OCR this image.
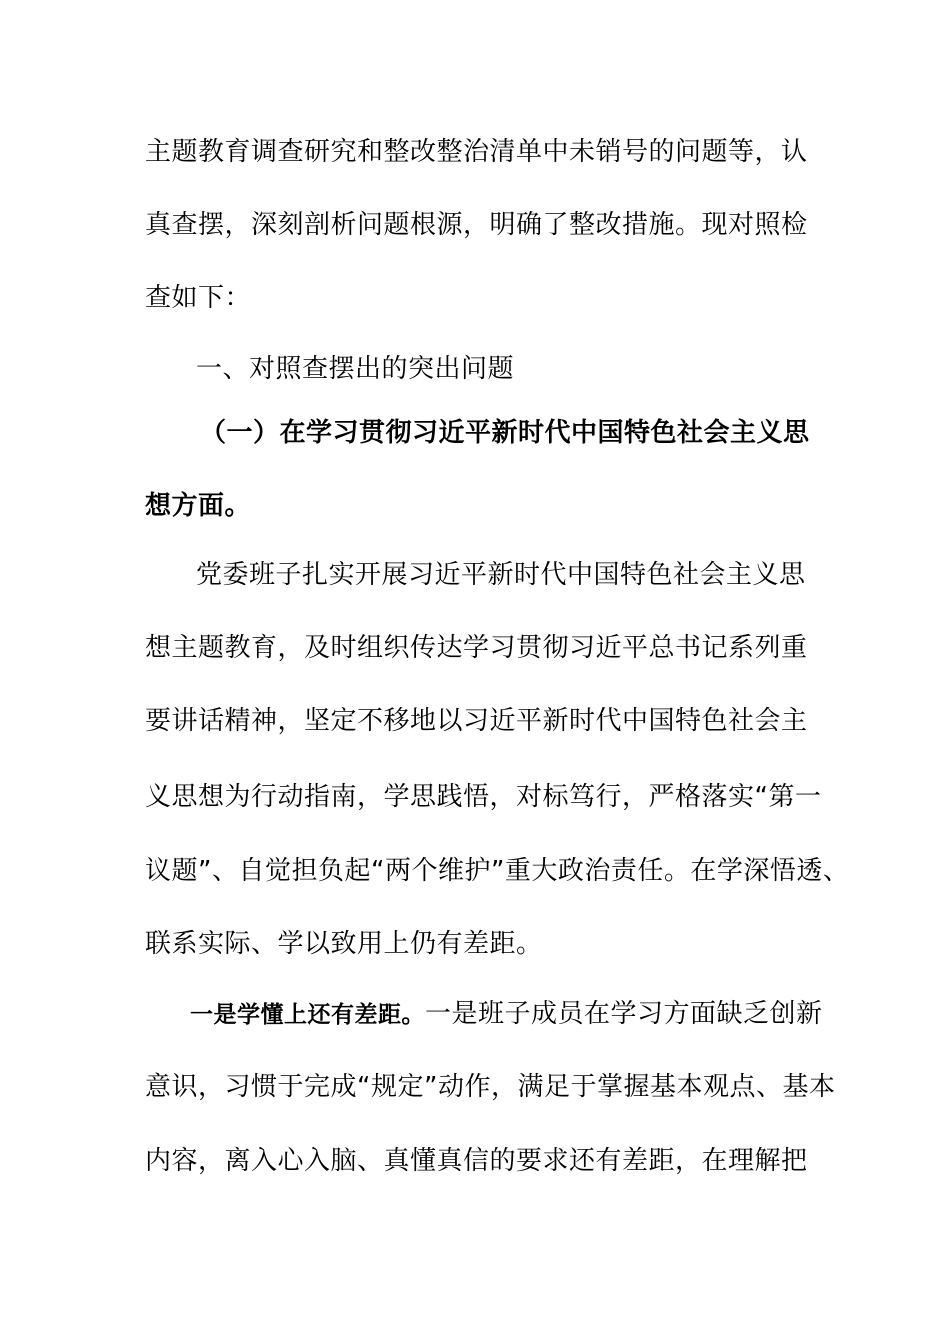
主题教育调查研究和整改整治清单中未销号的问题等，认
真查摆，深刻剖析问题根源，明确了整改措施。现对照检
查如下：
一、对照查摆出的突出问题
（一）在学习贯彻习近平新时代中国特色社会主义思
想方面。
党委班子扎实开展习近平新时代中国特色社会主义思
想主题教育，及时组织传达学习贯彻习近平总书记系列重
要讲话精神，坚定不移地以习近平新时代中国特色社会主
义思想为行动指南，学思践悟，对标笃行，严格落实“第一
议题”、自觉担负起“两个维护”重大政治责任。在学深悟透、
联系实际、学以致用上仍有差距。
一是学懂上还有差距。一是班子成员在学习方面缺乏创新
意识，习惯于完成“规定”动作，满足于掌握基本观点、基本
内容，离入心入脑、真懂真信的要求还有差距，在理解把
